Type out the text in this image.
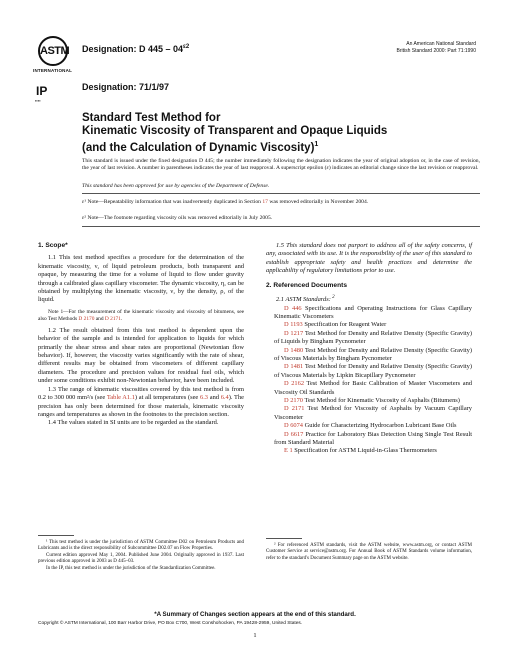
ASTM
INTERNATIONAL
IP
▪▪▪▪
Designation: D $445 - 04^{\varepsilon 2}$
Designation: 71/1/97
An American National Standard
British Standard 2000: Part 71:1990
Standard Test Method for
Kinematic Viscosity of Transparent and Opaque Liquids
(and the Calculation of Dynamic Viscosity)$^1$
This standard is issued under the fixed designation D 445; the number immediately following the designation indicates the year of original adoption or, in the case of revision, the year of last revision. A number in parentheses indicates the year of last reapproval. A superscript epsilon (ε) indicates an editorial change since the last revision or reapproval.
This standard has been approved for use by agencies of the Department of Defense.
ε¹ Note—Repeatability information that was inadvertently duplicated in Section 17 was removed editorially in November 2004.
ε² Note—The footnote regarding viscosity oils was removed editorially in July 2005.

1. Scope*

1.1 This test method specifies a procedure for the determination of the kinematic viscosity, ν, of liquid petroleum products, both transparent and opaque, by measuring the time for a volume of liquid to flow under gravity through a calibrated glass capillary viscometer. The dynamic viscosity, η, can be obtained by multiplying the kinematic viscosity, ν, by the density, ρ, of the liquid.

Note 1—For the measurement of the kinematic viscosity and viscosity of bitumens, see also Test Methods D 2170 and D 2171.

1.2 The result obtained from this test method is dependent upon the behavior of the sample and is intended for application to liquids for which primarily the shear stress and shear rates are proportional (Newtonian flow behavior). If, however, the viscosity varies significantly with the rate of shear, different results may be obtained from viscometers of different capillary diameters. The procedure and precision values for residual fuel oils, which under some conditions exhibit non-Newtonian behavior, have been included.

1.3 The range of kinematic viscosities covered by this test method is from 0.2 to 300 000 mm²/s (see Table A1.1) at all temperatures (see 6.3 and 6.4). The precision has only been determined for those materials, kinematic viscosity ranges and temperatures as shown in the footnotes to the precision section.

1.4 The values stated in SI units are to be regarded as the standard.

¹ This test method is under the jurisdiction of ASTM Committee D02 on Petroleum Products and Lubricants and is the direct responsibility of Subcommittee D02.07 on Flow Properties.

Current edition approved May 1, 2004. Published June 2004. Originally approved in 1937. Last previous edition approved in 2003 as D 445–03.

In the IP, this test method is under the jurisdiction of the Standardization Committee.

1.5 This standard does not purport to address all of the safety concerns, if any, associated with its use. It is the responsibility of the user of this standard to establish appropriate safety and health practices and determine the applicability of regulatory limitations prior to use.

2. Referenced Documents

2.1 ASTM Standards: $^2$

D 446 Specifications and Operating Instructions for Glass Capillary Kinematic Viscometers

D 1193 Specification for Reagent Water

D 1217 Test Method for Density and Relative Density (Specific Gravity) of Liquids by Bingham Pycnometer

D 1480 Test Method for Density and Relative Density (Specific Gravity) of Viscous Materials by Bingham Pycnometer

D 1481 Test Method for Density and Relative Density (Specific Gravity) of Viscous Materials by Lipkin Bicapillary Pycnometer

D 2162 Test Method for Basic Calibration of Master Viscometers and Viscosity Oil Standards

D 2170 Test Method for Kinematic Viscosity of Asphalts (Bitumens)

D 2171 Test Method for Viscosity of Asphalts by Vacuum Capillary Viscometer

D 6074 Guide for Characterizing Hydrocarbon Lubricant Base Oils

D 6617 Practice for Laboratory Bias Detection Using Single Test Result from Standard Material

E 1 Specification for ASTM Liquid-in-Glass Thermometers

² For referenced ASTM standards, visit the ASTM website, www.astm.org, or contact ASTM Customer Service at service@astm.org. For Annual Book of ASTM Standards volume information, refer to the standard's Document Summary page on the ASTM website.

*A Summary of Changes section appears at the end of this standard.
Copyright © ASTM International, 100 Barr Harbor Drive, PO Box C700, West Conshohocken, PA 19428-2959, United States.
1
